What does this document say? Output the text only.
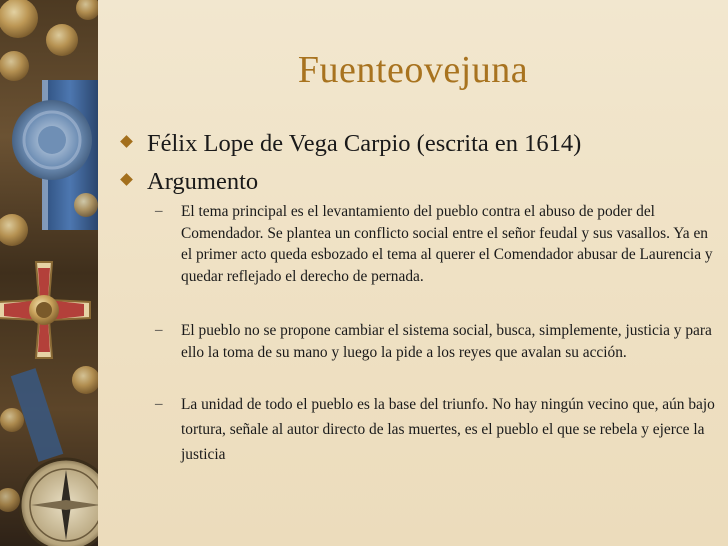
Fuenteovejuna
Félix Lope de Vega Carpio (escrita en 1614)
Argumento
–	El tema principal es el levantamiento del pueblo contra el abuso de poder del Comendador. Se plantea un conflicto social entre el señor feudal y sus vasallos. Ya en el primer acto queda esbozado el tema al querer el Comendador abusar de Laurencia y quedar reflejado el derecho de pernada.
–	El pueblo no se propone cambiar el sistema social, busca, simplemente, justicia y para ello la toma de su mano y luego la pide a los reyes que avalan su acción.
–	La unidad de todo el pueblo es la base del triunfo. No hay ningún vecino que, aún bajo tortura, señale al autor directo de las muertes, es el pueblo el que se rebela y ejerce la justicia
